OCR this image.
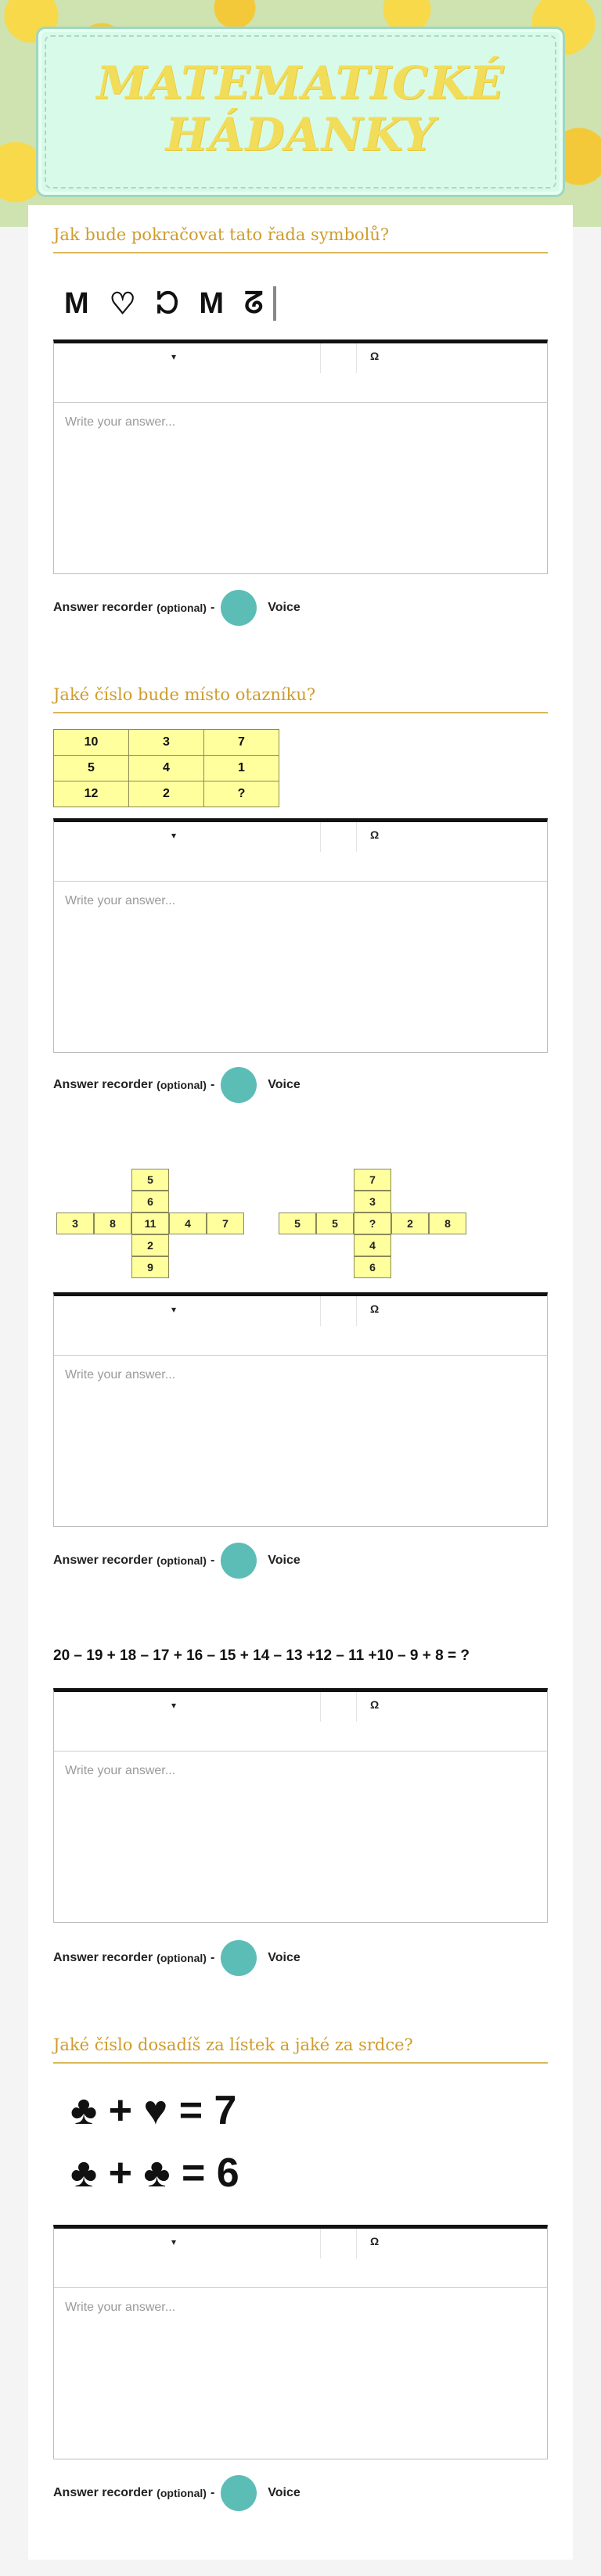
MATEMATICKÉ
HÁDANKY
Jak bude pokračovat tato řada symbolů?
M ♡ ᘰ M ᘔ
▾	Ω
Write your answer...
Answer recorder (optional) -	Voice
Jaké číslo bude místo otazníku?
10	3	7
5	4	1
12	2	?
▾	Ω
Write your answer...
Answer recorder (optional) -	Voice
5
6
3	8	11	4	7
2
9
7
3
5	5	?	2	8
4
6
▾	Ω
Write your answer...
Answer recorder (optional) -	Voice
20 – 19 + 18 – 17 + 16 – 15 + 14 – 13 +12 – 11 +10 – 9 + 8 = ?
▾	Ω
Write your answer...
Answer recorder (optional) -	Voice
Jaké číslo dosadíš za lístek a jaké za srdce?
♣ + ♥ = 7
♣ + ♣ = 6
▾	Ω
Write your answer...
Answer recorder (optional) -	Voice
